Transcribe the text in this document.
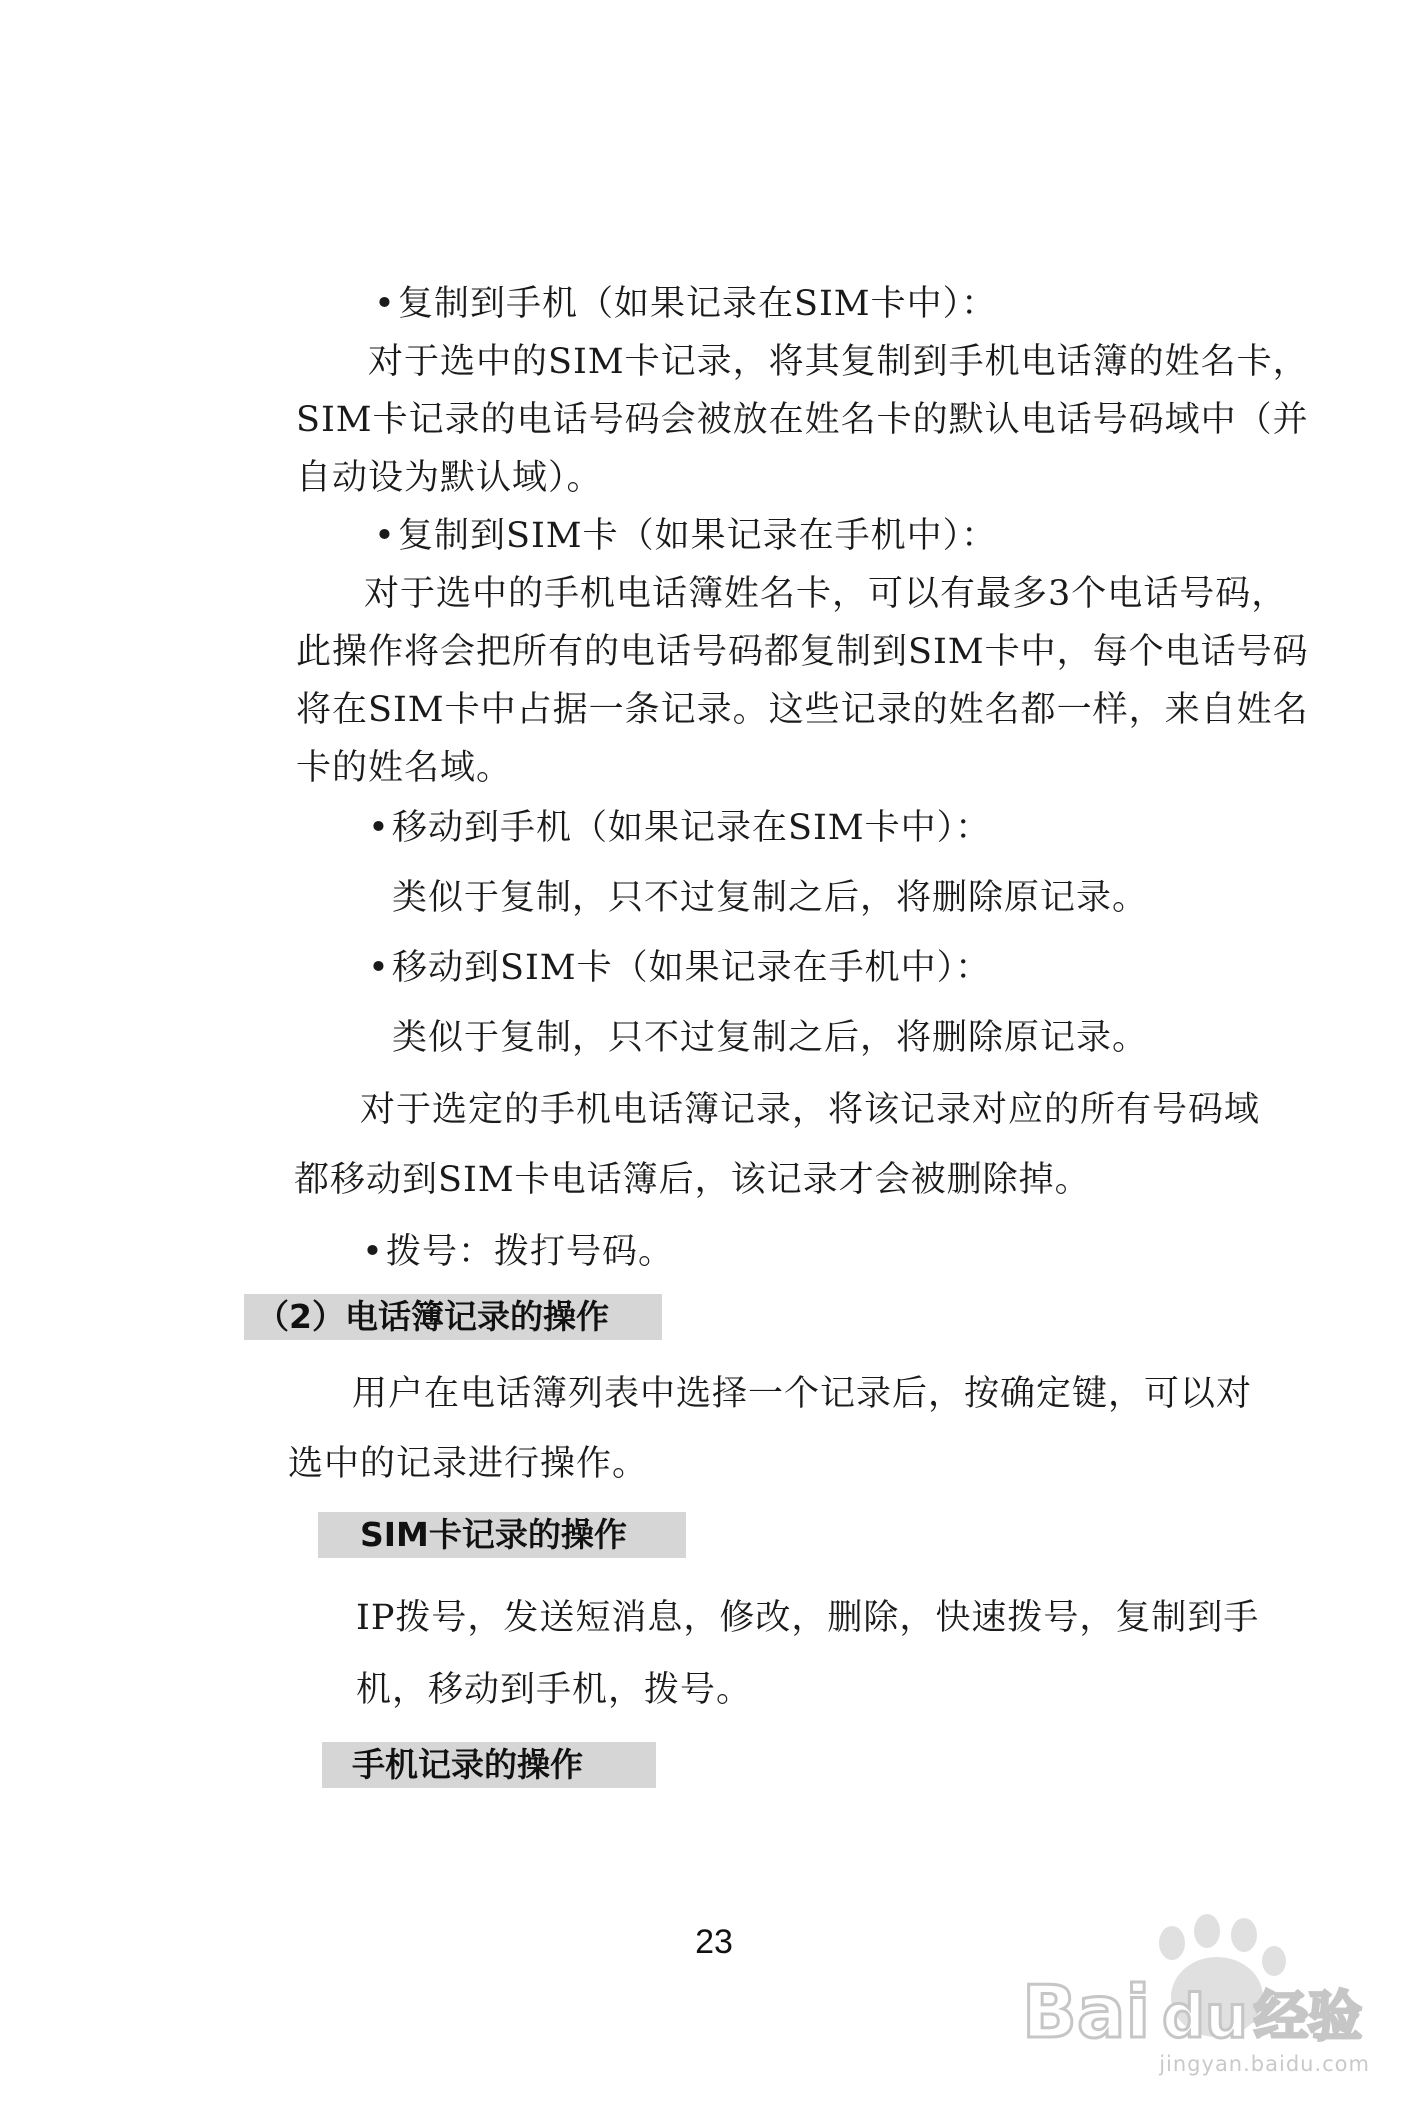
•复制到手机（如果记录在SIM卡中）：
对于选中的SIM卡记录，将其复制到手机电话簿的姓名卡，
SIM卡记录的电话号码会被放在姓名卡的默认电话号码域中（并
自动设为默认域）。
•复制到SIM卡（如果记录在手机中）：
对于选中的手机电话簿姓名卡，可以有最多3个电话号码，
此操作将会把所有的电话号码都复制到SIM卡中，每个电话号码
将在SIM卡中占据一条记录。这些记录的姓名都一样，来自姓名
卡的姓名域。
•移动到手机（如果记录在SIM卡中）：
类似于复制，只不过复制之后，将删除原记录。
•移动到SIM卡（如果记录在手机中）：
类似于复制，只不过复制之后，将删除原记录。
对于选定的手机电话簿记录，将该记录对应的所有号码域
都移动到SIM卡电话簿后，该记录才会被删除掉。
•拨号：拨打号码。
（2）电话簿记录的操作
用户在电话簿列表中选择一个记录后，按确定键，可以对
选中的记录进行操作。
SIM卡记录的操作
IP拨号，发送短消息，修改，删除，快速拨号，复制到手
机，移动到手机，拨号。
手机记录的操作
23
Bai du 经验
jingyan.baidu.com
